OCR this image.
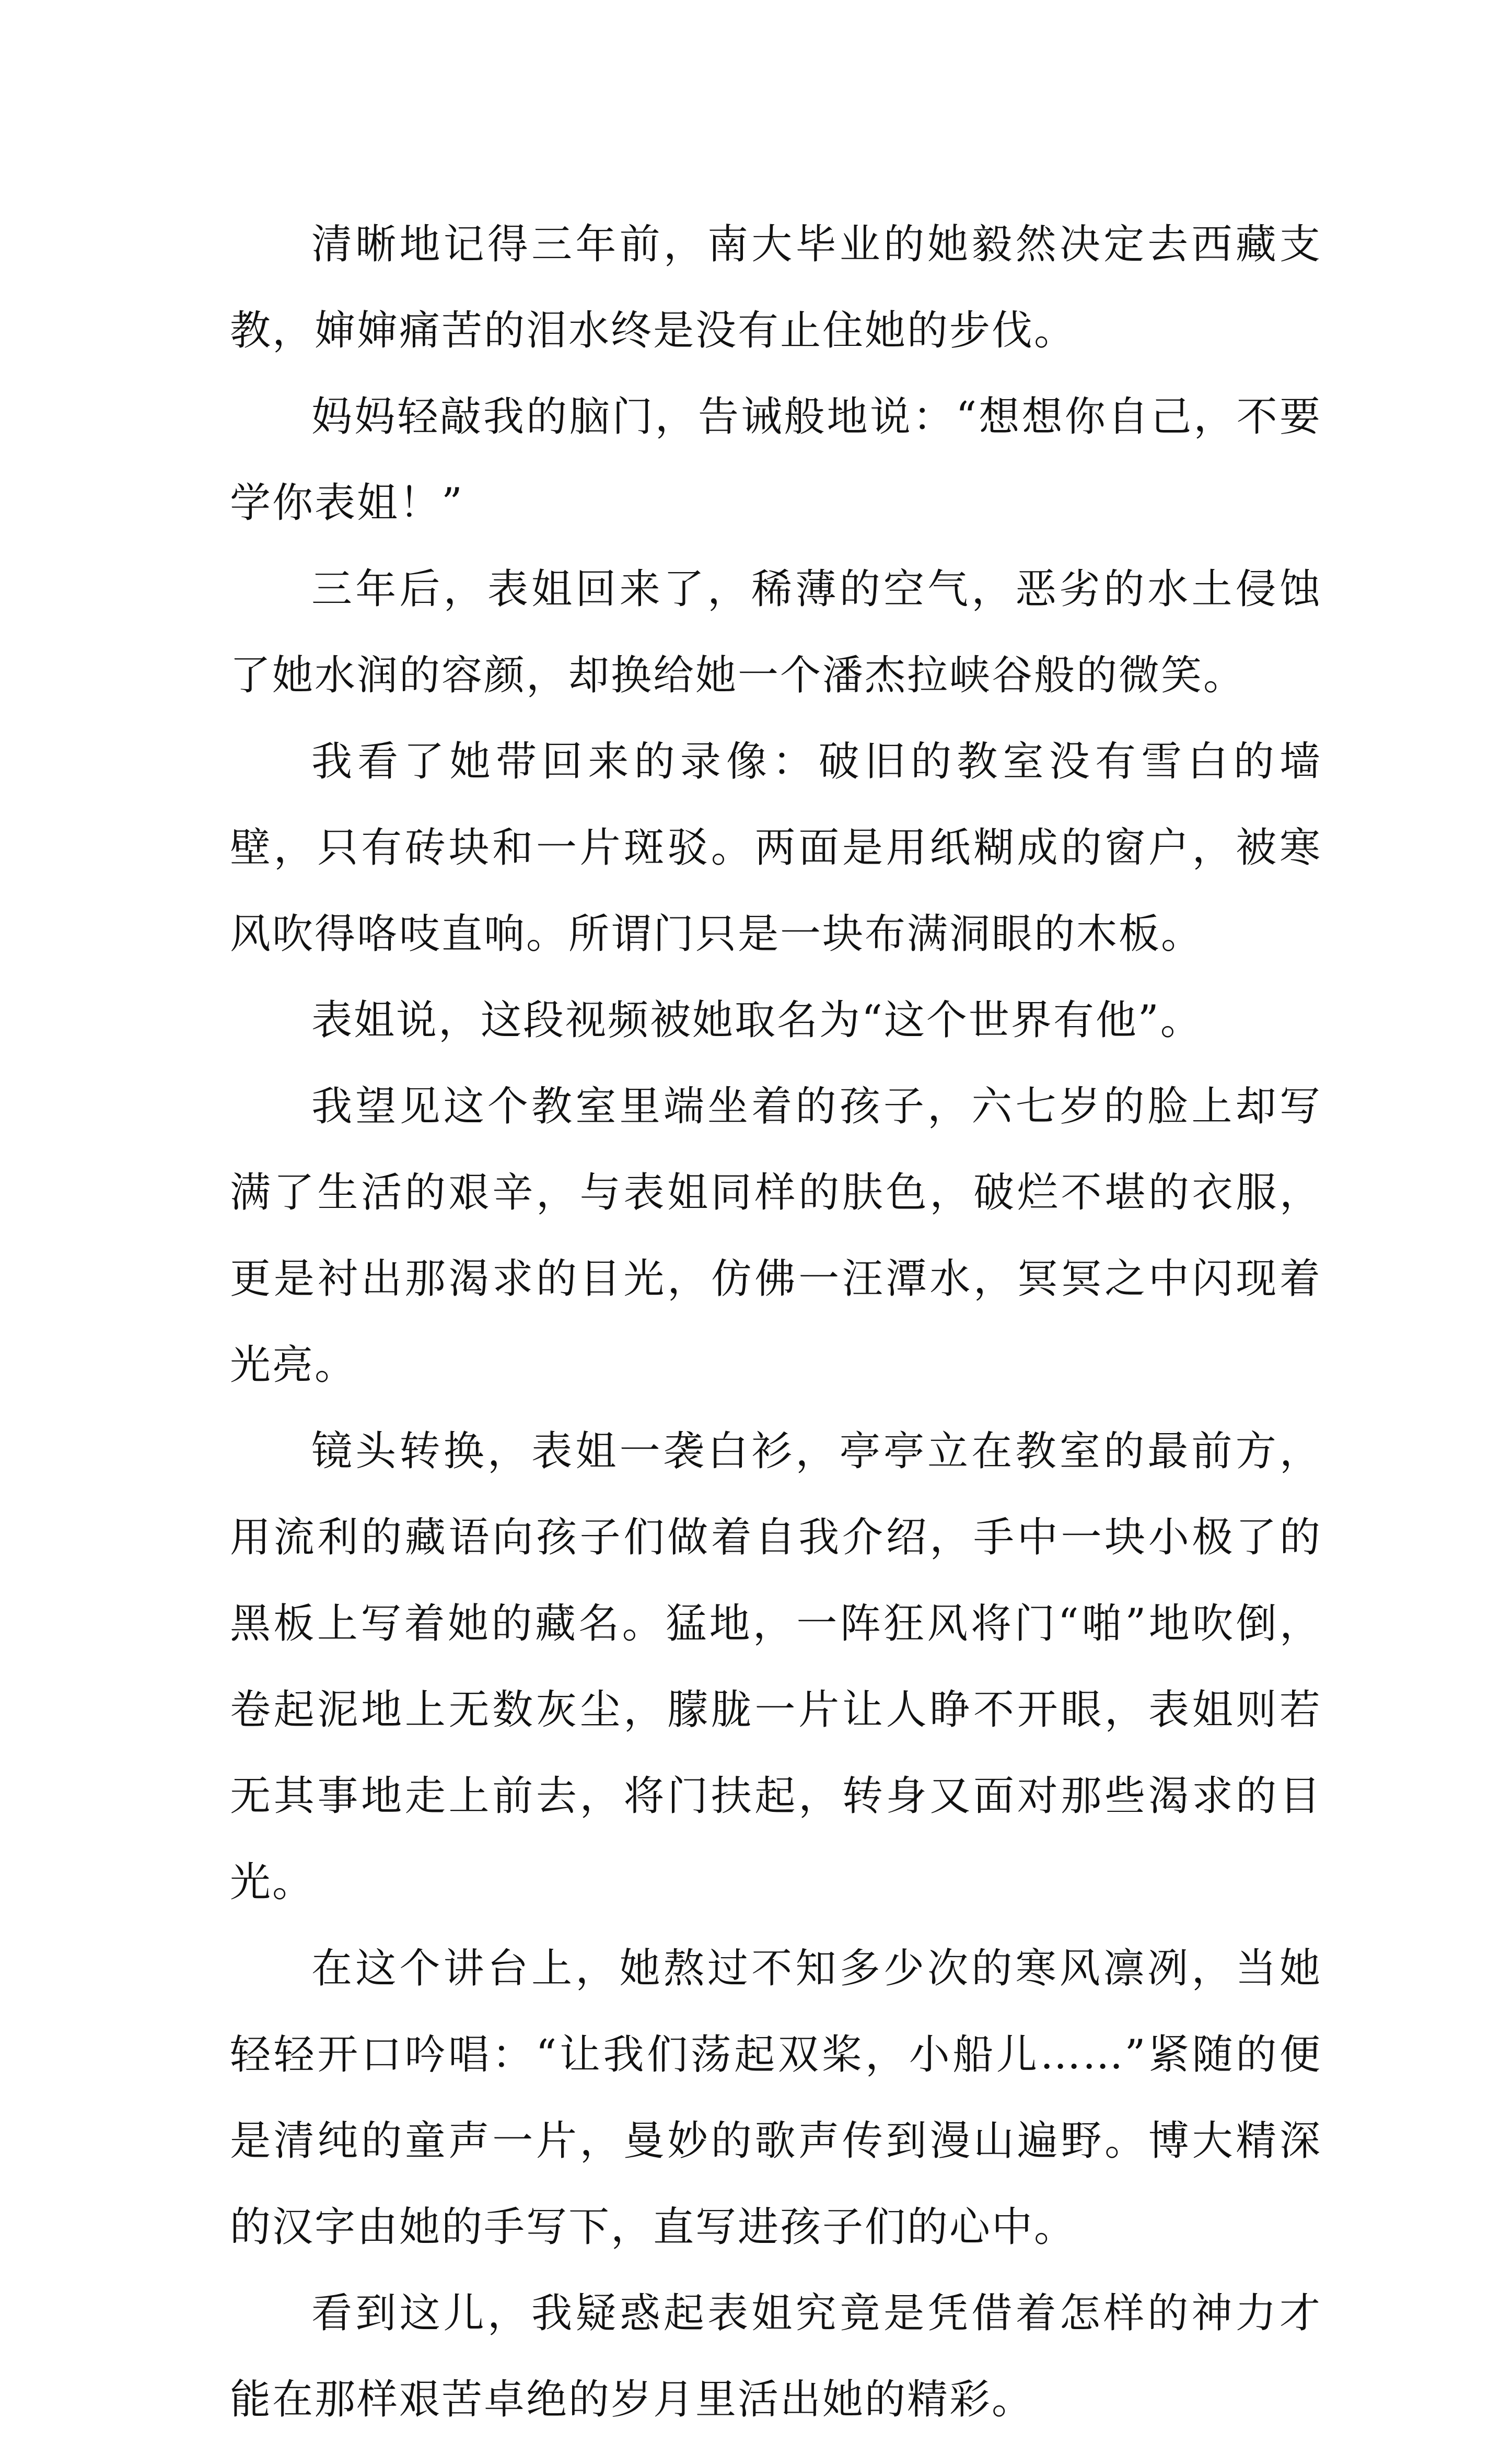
清晰地记得三年前，南大毕业的她毅然决定去西藏支教，婶婶痛苦的泪水终是没有止住她的步伐。

妈妈轻敲我的脑门，告诫般地说：“想想你自己，不要学你表姐！”

三年后，表姐回来了，稀薄的空气，恶劣的水土侵蚀了她水润的容颜，却换给她一个潘杰拉峡谷般的微笑。

我看了她带回来的录像：破旧的教室没有雪白的墙壁，只有砖块和一片斑驳。两面是用纸糊成的窗户，被寒风吹得咯吱直响。所谓门只是一块布满洞眼的木板。

表姐说，这段视频被她取名为“这个世界有他”。

我望见这个教室里端坐着的孩子，六七岁的脸上却写满了生活的艰辛，与表姐同样的肤色，破烂不堪的衣服，更是衬出那渴求的目光，仿佛一汪潭水，冥冥之中闪现着光亮。

镜头转换，表姐一袭白衫，亭亭立在教室的最前方，用流利的藏语向孩子们做着自我介绍，手中一块小极了的黑板上写着她的藏名。猛地，一阵狂风将门“啪”地吹倒，卷起泥地上无数灰尘，朦胧一片让人睁不开眼，表姐则若无其事地走上前去，将门扶起，转身又面对那些渴求的目光。

在这个讲台上，她熬过不知多少次的寒风凛冽，当她轻轻开口吟唱：“让我们荡起双桨，小船儿……”紧随的便是清纯的童声一片，曼妙的歌声传到漫山遍野。博大精深的汉字由她的手写下，直写进孩子们的心中。

看到这儿，我疑惑起表姐究竟是凭借着怎样的神力才能在那样艰苦卓绝的岁月里活出她的精彩。
